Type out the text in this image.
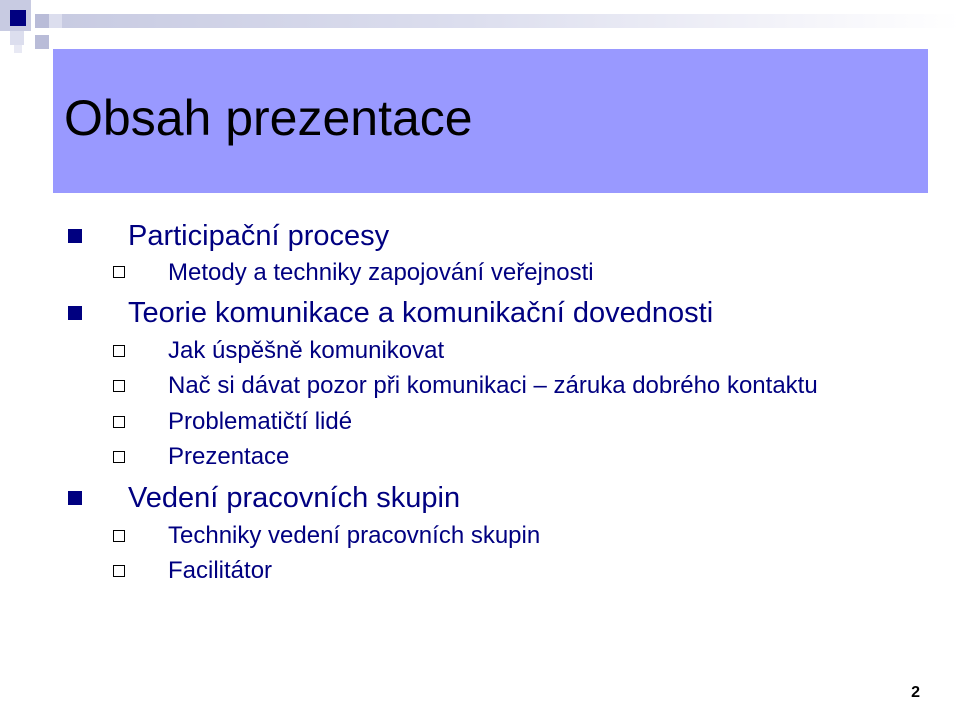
Obsah prezentace
Participační procesy
Metody a techniky zapojování veřejnosti
Teorie komunikace a komunikační dovednosti
Jak úspěšně komunikovat
Nač si dávat pozor při komunikaci – záruka dobrého kontaktu
Problematičtí lidé
Prezentace
Vedení pracovních skupin
Techniky vedení pracovních skupin
Facilitátor
2
